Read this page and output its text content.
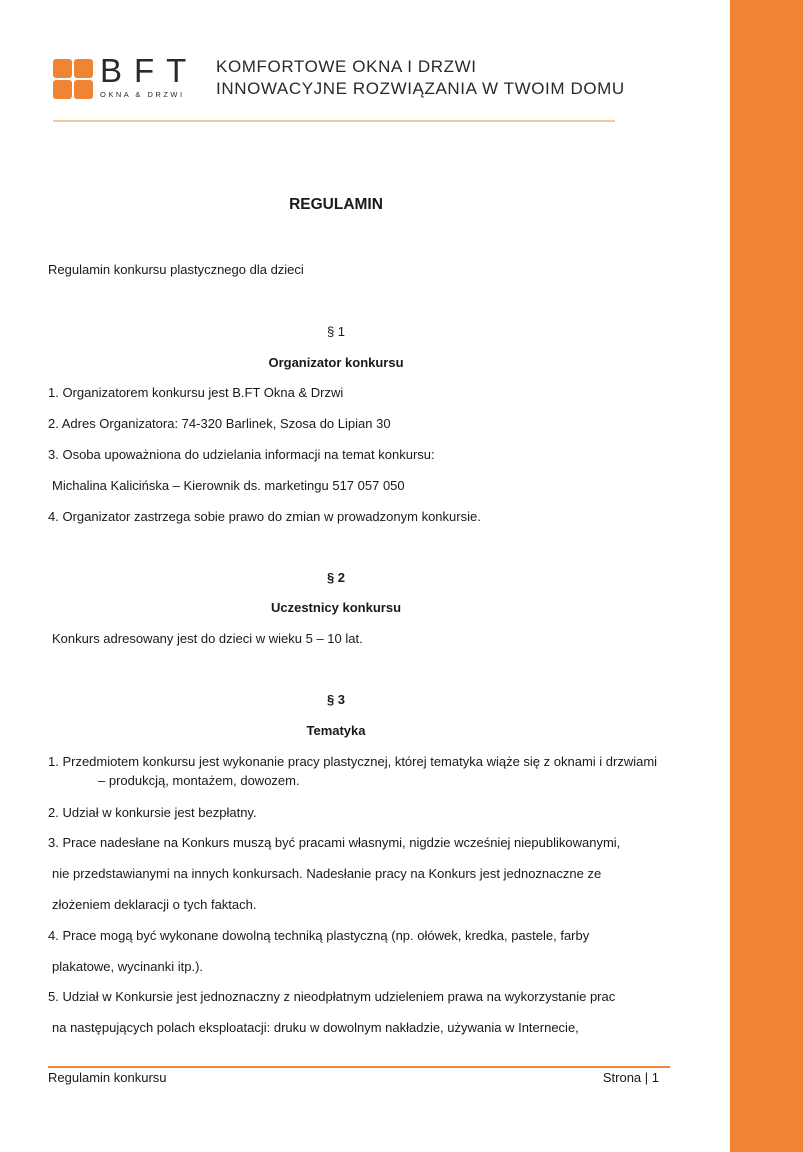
BFT
OKNA & DRZWI
KOMFORTOWE OKNA I DRZWI
INNOWACYJNE ROZWIĄZANIA W TWOIM DOMU
REGULAMIN
Regulamin konkursu plastycznego dla dzieci
§ 1
Organizator konkursu
1. Organizatorem konkursu jest B.FT Okna & Drzwi
2. Adres Organizatora: 74-320 Barlinek, Szosa do Lipian 30
3. Osoba upoważniona do udzielania informacji na temat konkursu:
Michalina Kalicińska – Kierownik ds. marketingu 517 057 050
4. Organizator zastrzega sobie prawo do zmian w prowadzonym konkursie.
§ 2
Uczestnicy konkursu
Konkurs adresowany jest do dzieci w wieku 5 – 10 lat.
§ 3
Tematyka
1. Przedmiotem konkursu jest wykonanie pracy plastycznej, której tematyka wiąże się z oknami i drzwiami
– produkcją, montażem, dowozem.
2. Udział w konkursie jest bezpłatny.
3. Prace nadesłane na Konkurs muszą być pracami własnymi, nigdzie wcześniej niepublikowanymi,
nie przedstawianymi na innych konkursach. Nadesłanie pracy na Konkurs jest jednoznaczne ze
złożeniem deklaracji o tych faktach.
4. Prace mogą być wykonane dowolną techniką plastyczną (np. ołówek, kredka, pastele, farby
plakatowe, wycinanki itp.).
5. Udział w Konkursie jest jednoznaczny z nieodpłatnym udzieleniem prawa na wykorzystanie prac
na następujących polach eksploatacji: druku w dowolnym nakładzie, używania w Internecie,
Regulamin konkursu	Strona | 1
